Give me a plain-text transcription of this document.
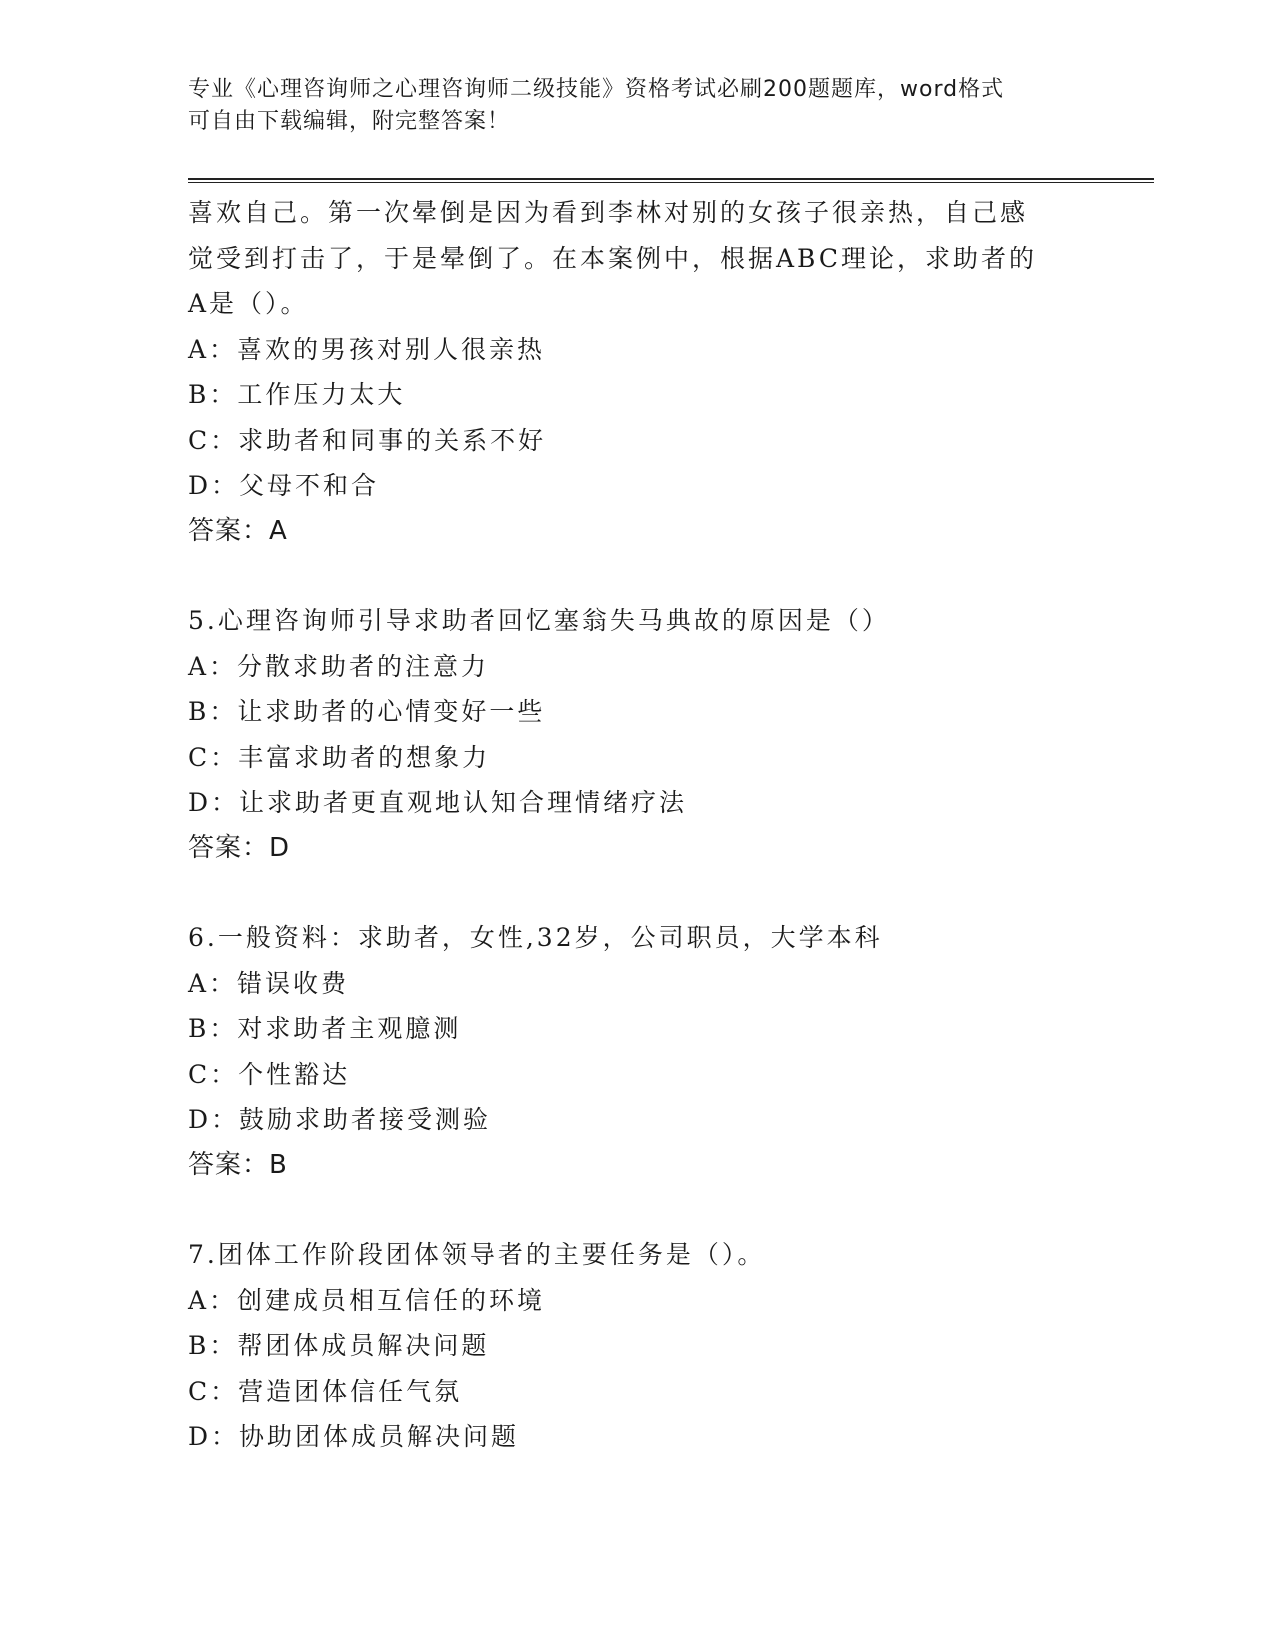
专业《心理咨询师之心理咨询师二级技能》资格考试必刷200题题库，word格式
可自由下载编辑，附完整答案！
喜欢自己。第一次晕倒是因为看到李林对别的女孩子很亲热，自己感
觉受到打击了，于是晕倒了。在本案例中，根据ABC理论，求助者的
A是（）。
A：喜欢的男孩对别人很亲热
B：工作压力太大
C：求助者和同事的关系不好
D：父母不和合
答案：A
5.心理咨询师引导求助者回忆塞翁失马典故的原因是（）
A：分散求助者的注意力
B：让求助者的心情变好一些
C：丰富求助者的想象力
D：让求助者更直观地认知合理情绪疗法
答案：D
6.一般资料：求助者，女性,32岁，公司职员，大学本科
A：错误收费
B：对求助者主观臆测
C：个性豁达
D：鼓励求助者接受测验
答案：B
7.团体工作阶段团体领导者的主要任务是（）。
A：创建成员相互信任的环境
B：帮团体成员解决问题
C：营造团体信任气氛
D：协助团体成员解决问题
